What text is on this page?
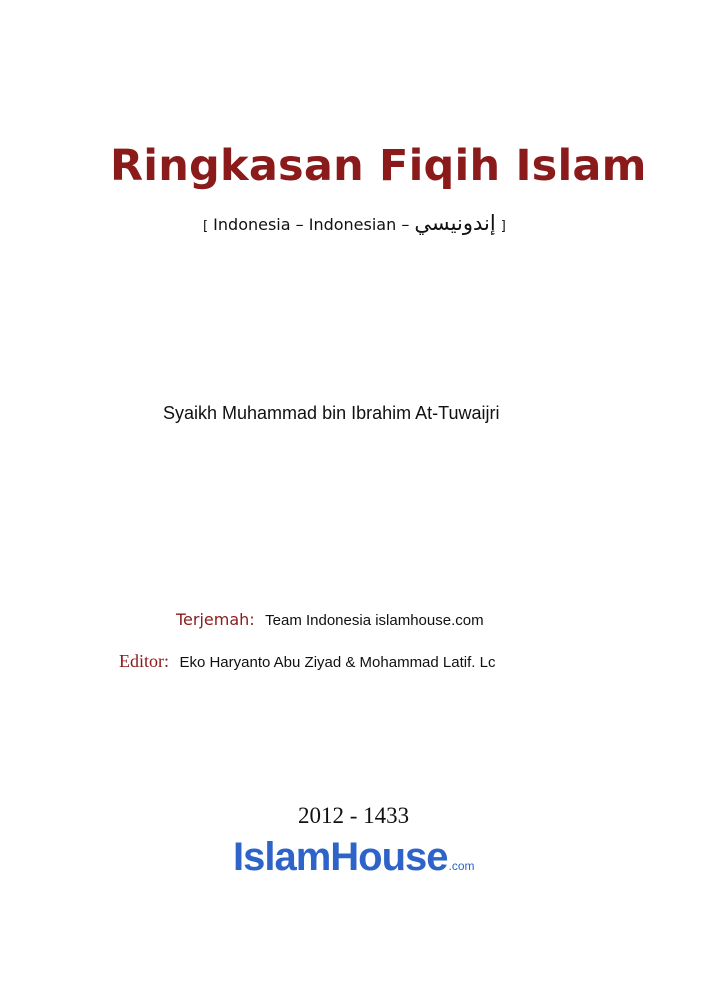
Ringkasan Fiqih Islam
[ Indonesia – Indonesian – إندونيسي ]
Syaikh Muhammad bin Ibrahim At-Tuwaijri
Terjemah: Team Indonesia islamhouse.com
Editor: Eko Haryanto Abu Ziyad & Mohammad Latif. Lc
2012 - 1433
IslamHouse.com
